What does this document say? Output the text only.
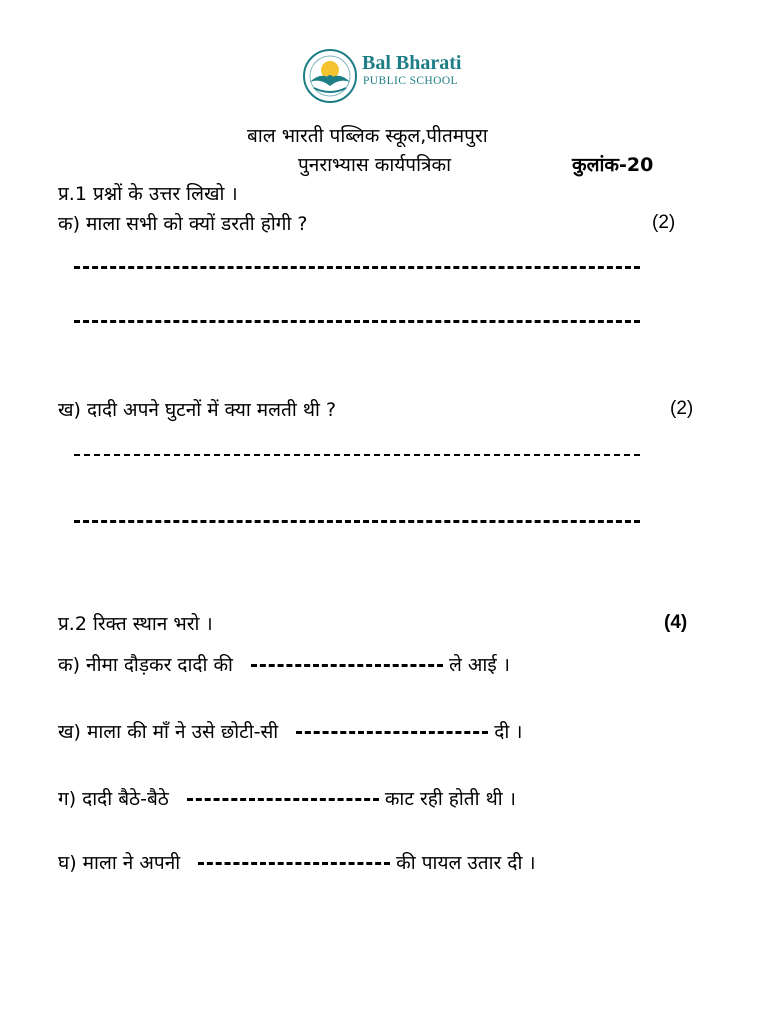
Bal Bharati
PUBLIC SCHOOL
बाल भारती पब्लिक स्कूल,पीतमपुरा
पुनराभ्यास कार्यपत्रिका	कुलांक-20
प्र.1 प्रश्नों के उत्तर लिखो ।
क) माला सभी को क्यों डरती होगी ?	(2)
ख) दादी अपने घुटनों में क्या मलती थी ?	(2)
प्र.2 रिक्त स्थान भरो ।	(4)
क) नीमा दौड़कर दादी की	ले आई ।
ख) माला की माँ ने उसे छोटी-सी	दी ।
ग) दादी बैठे-बैठे	काट रही होती थी ।
घ) माला ने अपनी	की पायल उतार दी ।
